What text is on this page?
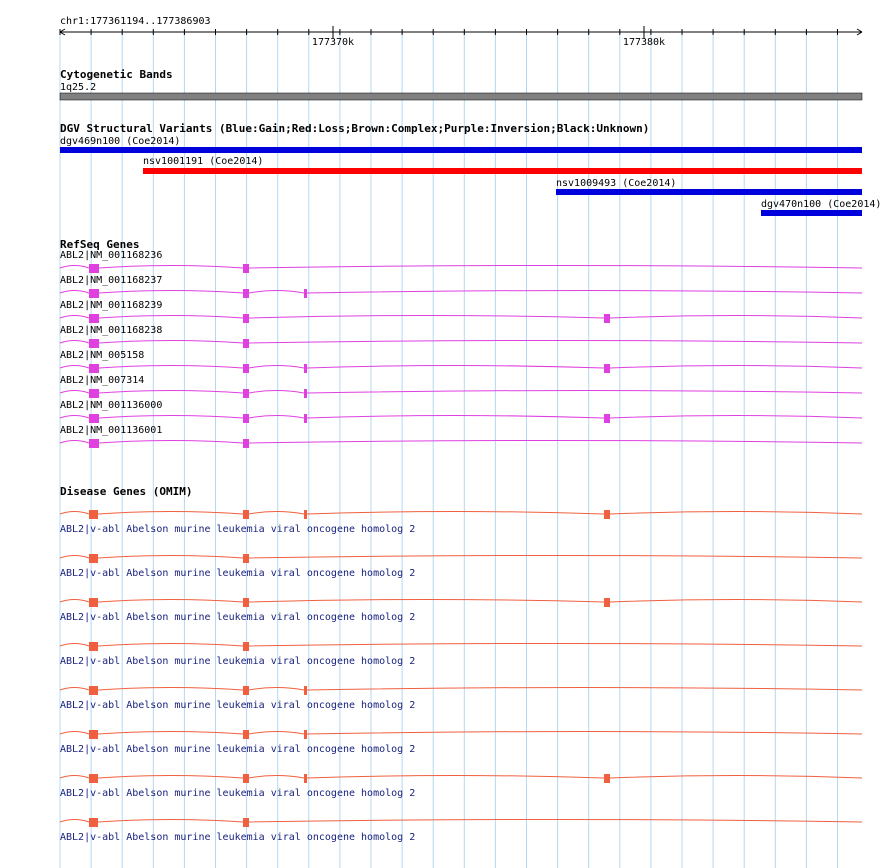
chr1:177361194..177386903
177370k	177380k
Cytogenetic Bands
1q25.2
DGV Structural Variants (Blue:Gain;Red:Loss;Brown:Complex;Purple:Inversion;Black:Unknown)
dgv469n100 (Coe2014)
nsv1001191 (Coe2014)
nsv1009493 (Coe2014)
dgv470n100 (Coe2014)
RefSeq Genes
ABL2|NM_001168236
ABL2|NM_001168237
ABL2|NM_001168239
ABL2|NM_001168238
ABL2|NM_005158
ABL2|NM_007314
ABL2|NM_001136000
ABL2|NM_001136001
Disease Genes (OMIM)
ABL2|v-abl Abelson murine leukemia viral oncogene homolog 2
ABL2|v-abl Abelson murine leukemia viral oncogene homolog 2
ABL2|v-abl Abelson murine leukemia viral oncogene homolog 2
ABL2|v-abl Abelson murine leukemia viral oncogene homolog 2
ABL2|v-abl Abelson murine leukemia viral oncogene homolog 2
ABL2|v-abl Abelson murine leukemia viral oncogene homolog 2
ABL2|v-abl Abelson murine leukemia viral oncogene homolog 2
ABL2|v-abl Abelson murine leukemia viral oncogene homolog 2
